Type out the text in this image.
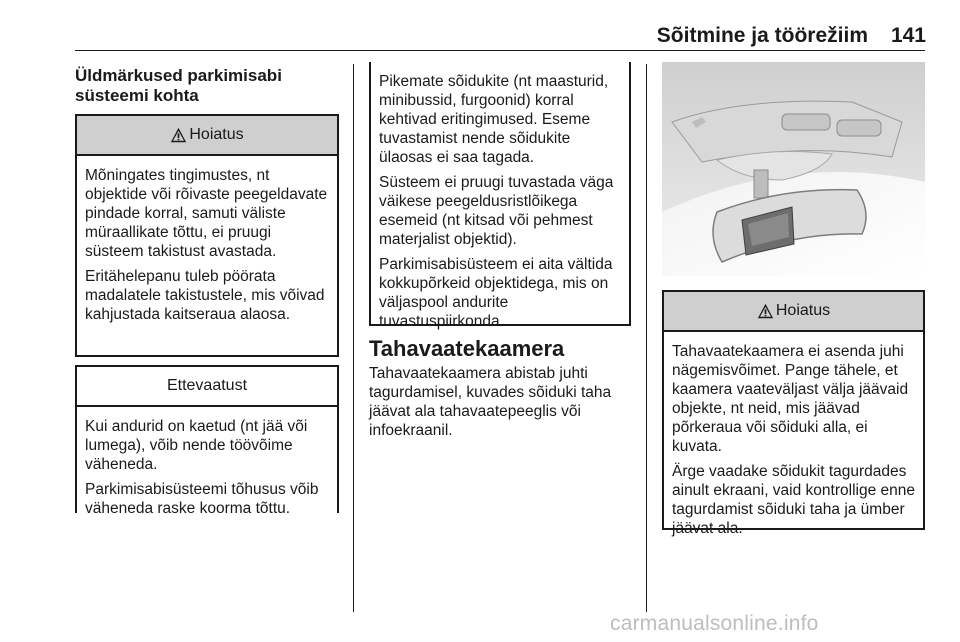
Sõitmine ja töörežiim	141
Üldmärkused parkimisabi süsteemi kohta
Hoiatus

Mõningates tingimustes, nt objektide või rõivaste peegeldavate pindade korral, samuti väliste müraallikate tõttu, ei pruugi süsteem takistust avastada.

Eritähelepanu tuleb pöörata madalatele takistustele, mis võivad kahjustada kaitseraua alaosa.

Ettevaatust

Kui andurid on kaetud (nt jää või lumega), võib nende töövõime väheneda.

Parkimisabisüsteemi tõhusus võib väheneda raske koorma tõttu.

Pikemate sõidukite (nt maasturid, minibussid, furgoonid) korral kehtivad eritingimused. Eseme tuvastamist nende sõidukite ülaosas ei saa tagada.

Süsteem ei pruugi tuvastada väga väikese peegeldusristlõikega esemeid (nt kitsad või pehmest materjalist objektid).

Parkimisabisüsteem ei aita vältida kokkupõrkeid objektidega, mis on väljaspool andurite tuvastuspiirkonda.

Tahavaatekaamera

Tahavaatekaamera abistab juhti tagurdamisel, kuvades sõiduki taha jäävat ala tahavaatepeeglis või infoekraanil.

Hoiatus

Tahavaatekaamera ei asenda juhi nägemisvõimet. Pange tähele, et kaamera vaateväljast välja jäävaid objekte, nt neid, mis jäävad põrkeraua või sõiduki alla, ei kuvata.

Ärge vaadake sõidukit tagurdades ainult ekraani, vaid kontrollige enne tagurdamist sõiduki taha ja ümber jäävat ala.

carmanualsonline.info
